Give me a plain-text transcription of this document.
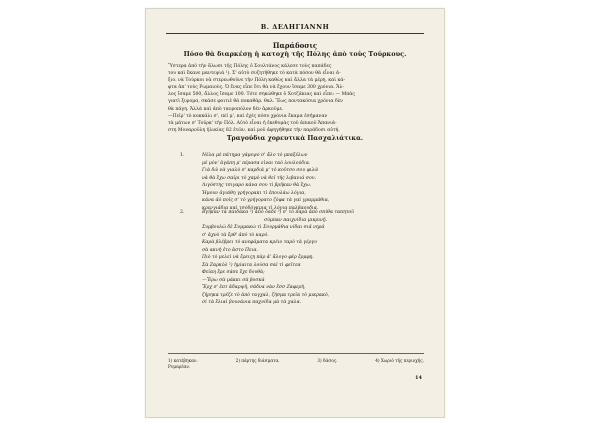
Β. ΔΕΛΗΓΙΑΝΝΗ
Παράδοσις
Πόσο θὰ διαρκέσῃ ἡ κατοχὴ τῆς Πόλης ἀπὸ τοὺς Τούρκους.

Ὕστερα ἀπὸ τὴν ἅλωσι τῆς Πόλης ὁ Σουλτάνος κάλεσε τοὺς παπάδες

του καὶ ἕκανε μαντεψιά ¹). Σ' αὐτὸ συζητήθηκε τὸ κατὰ πόσον θὰ εἶναι ἀ-

ξιο. νὰ Τούρκοι νὰ στερεωθοῦνε τὴν Πόλη καθὼς καὶ ἄλλα τὰ μέρη, καὶ κά-

φτα ἀπ' τοὺς Ρωμαιοὺς. Ὁ ἕνας εἶπε ὅτι θὰ νὰ ἔχουν ἴσαμε 300 χρόνια. Ἄλ-

λος ἴσαμε 500, ἄλλος ἴσαμε 100. Τότε σηκώθηκε ὁ Χοτζάκιας καὶ εἶπε: — Μπὰς

γιατὶ ξυρομα, σκάσε φοιτιὲ θὰ ποκαθάρ. θαλ. Ἕως ποντακόσια χρόνια δὲν

θὰ πάγη. Ἀλλὰ καὶ ἀπὸ ταυροπόλον δὲν ἀρκοῦμε.

—Πεῖρ' τὸ κοκκάλι σ', πεῖ μ', καὶ ἐχές πόσο χρόνια ἔκαμα ἐσήμαναν

τὰ μάτων σ' Τοῦρκ' τὴν Πόλ. Αὐτὸ εἶναι ἡ ἐκεθυμὰς τοῦ ἀπικοῦ Ἀπανιά-

στη Μοναροῦλη ἡλικίας 82 ἐτῶν, καὶ μοῦ ἀφηγήθηκε τὴν παράδοσι αὐτή.

Τραγούδια χορευτικὰ Πασχαλιάτικα.
1.	Νέλα μὲ πάτημα γάμεψο σ' ἄλο τὸ μπαξέλων
μὲ μὸν' ἀγάπη μ' πέρασα εἶναι ταὸ λουλούδια.
Γιὰ δῶ νὰ γιαλὸ σ' καρδιά μ' τὸ κοῦτσο σου φιλῶ
νὰ θὰ ἔχω σαῖρι τὸ χαμὸ νὰ θεῖ τῆς λιβανιά σου.
Λιγόστης τσιγαρο κάνα σου τὶ βρῆκαν θὰ ἔχω.
Ἠμουν ἀγιάθη γρήγορακι τὶ ἐπουλάω λόγια,
κάνα ἀὸ ποῖς σ' τὸ γρήγορατο ζόφα τὰ γαὶ γραμμάθια,
κρενγιάδια καὶ τσόδόγκμια τὶ λόγια παλβαουδια.
2.	Βγῆκαν τὰ παιδάκα ²) ἀπὸ ὅαδε ³) σ' τὸ παρὰ ἀπὸ σπίθα ταπητοῦ
σύμπαν παιχνίδια μικρινῇ.
Συμβουλὼ δὲ Συμμακὼ τὶ Σουρμάθια νίδαι σιᾶ νηρά
σ' ἀχνὸ τὰ ἔρθ' ἀπὸ τὸ καρό.
Καρὰ βλέβρει τὸ ανεφάματα κρέιο ταρὸ τὰ γέργυ
σὰ ακνὴ ἐτο ἀστο Πεια.
Πιὸ τὸ μελεὶ νὰ ἔρειςῃ πὰρ ἀ' ἄλογο φὲρ ἔρμφῃ.
Σὰ Ζαρκὸλ ¹) ἡμίαιτα λούσα σαῖ τὶ φεῖτεα
Φεῖαη ἔρε σάσε ἔχε δουθὰ;
—Ἔρω σὰ μάκκι σὰ βοσκὰ
Ἔρχ σ' ἐπτ ἀδαρψῆ, σάδνα νὰν ἔσσ Ζαφερὴ,
ζήρηκα τρέζε τὸ ἀπὸ ταγχαλ, ζήσμα τρεῖα τὸ μικρακὸ,
σὶ τὰ ἔλιαὶ βουνάνια παχνίδα μὰ τὰ χαλα.
1) κατέβηκαν.	2) πάρτης διάσματα.	3) δάσος.	4) Χωριὸ τῆς περιοχῆς.
Ρυμαρέαν.
14
